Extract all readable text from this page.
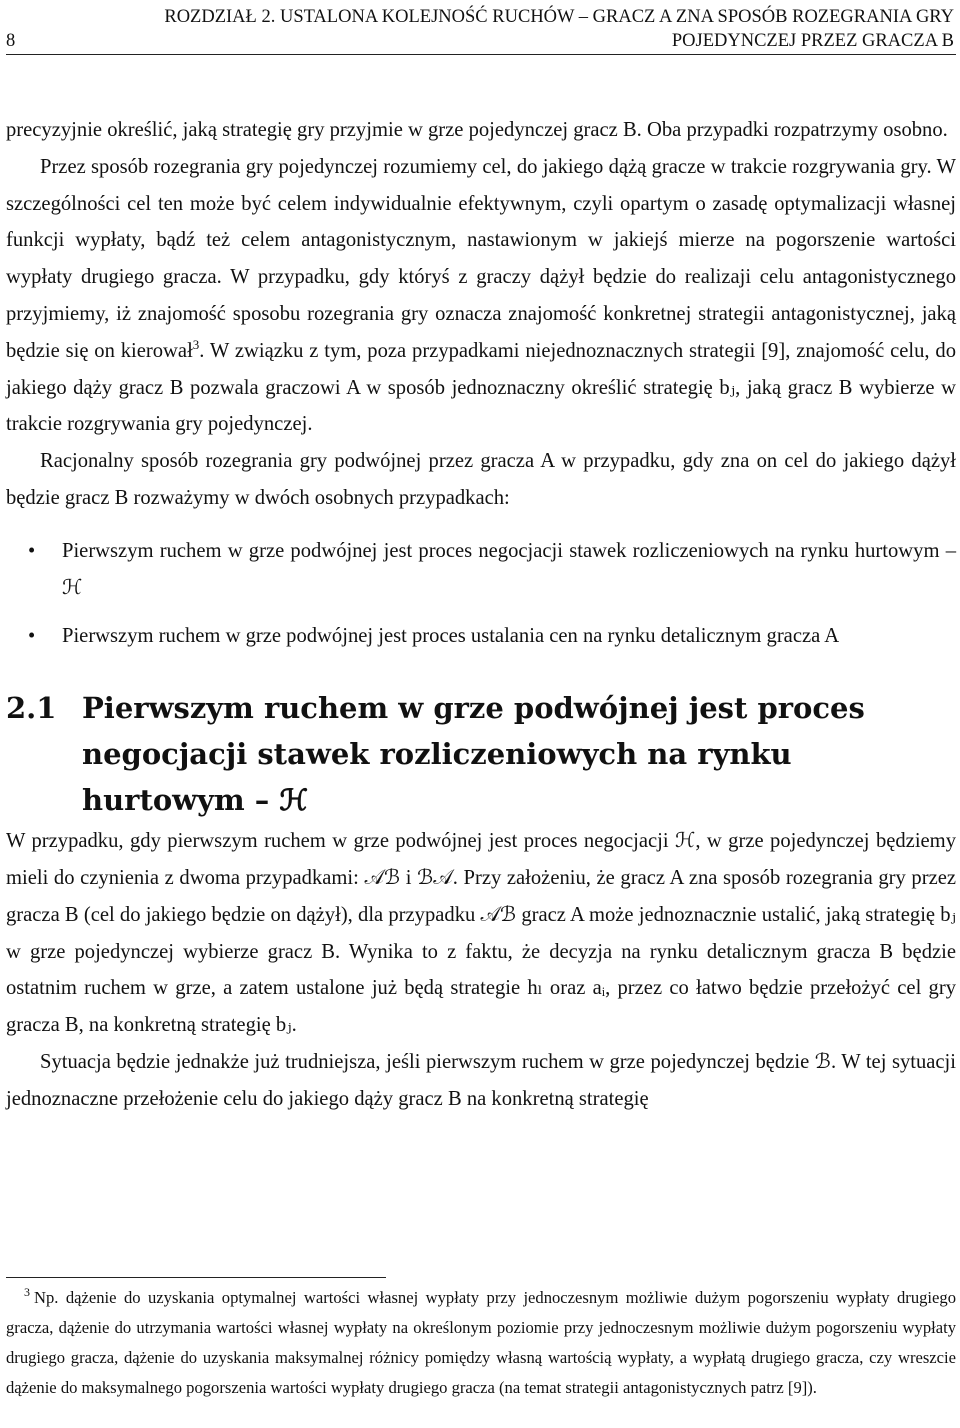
8
ROZDZIAŁ 2. USTALONA KOLEJNOŚĆ RUCHÓW – GRACZ A ZNA SPOSÓB ROZEGRANIA GRY
POJEDYNCZEJ PRZEZ GRACZA B

precyzyjnie określić, jaką strategię gry przyjmie w grze pojedynczej gracz B. Oba przypadki rozpatrzymy osobno.

Przez sposób rozegrania gry pojedynczej rozumiemy cel, do jakiego dążą gracze w trakcie rozgrywania gry. W szczególności cel ten może być celem indywidualnie efektywnym, czyli opartym o zasadę optymalizacji własnej funkcji wypłaty, bądź też celem antagonistycznym, nastawionym w jakiejś mierze na pogorszenie wartości wypłaty drugiego gracza. W przypadku, gdy któryś z graczy dążył będzie do realizaji celu antagonistycznego przyjmiemy, iż znajomość sposobu rozegrania gry oznacza znajomość konkretnej strategii antagonistycznej, jaką będzie się on kierował$^3$. W związku z tym, poza przypadkami niejednoznacznych strategii [9], znajomość celu, do jakiego dąży gracz B pozwala graczowi A w sposób jednoznaczny określić strategię bⱼ, jaką gracz B wybierze w trakcie rozgrywania gry pojedynczej.

Racjonalny sposób rozegrania gry podwójnej przez gracza A w przypadku, gdy zna on cel do jakiego dążył będzie gracz B rozważymy w dwóch osobnych przypadkach:

• Pierwszym ruchem w grze podwójnej jest proces negocjacji stawek rozliczeniowych na rynku hurtowym – ℋ
• Pierwszym ruchem w grze podwójnej jest proces ustalania cen na rynku detalicznym gracza A
2.1 Pierwszym ruchem w grze podwójnej jest proces negocjacji stawek rozliczeniowych na rynku hurtowym – ℋ

W przypadku, gdy pierwszym ruchem w grze podwójnej jest proces negocjacji ℋ, w grze pojedynczej będziemy mieli do czynienia z dwoma przypadkami: 𝒜ℬ i ℬ𝒜. Przy założeniu, że gracz A zna sposób rozegrania gry przez gracza B (cel do jakiego będzie on dążył), dla przypadku 𝒜ℬ gracz A może jednoznacznie ustalić, jaką strategię bⱼ w grze pojedynczej wybierze gracz B. Wynika to z faktu, że decyzja na rynku detalicznym gracza B będzie ostatnim ruchem w grze, a zatem ustalone już będą strategie hₗ oraz aᵢ, przez co łatwo będzie przełożyć cel gry gracza B, na konkretną strategię bⱼ.

Sytuacja będzie jednakże już trudniejsza, jeśli pierwszym ruchem w grze pojedynczej będzie ℬ. W tej sytuacji jednoznaczne przełożenie celu do jakiego dąży gracz B na konkretną strategię

$^3$ Np. dążenie do uzyskania optymalnej wartości własnej wypłaty przy jednoczesnym możliwie dużym pogorszeniu wypłaty drugiego gracza, dążenie do utrzymania wartości własnej wypłaty na określonym poziomie przy jednoczesnym możliwie dużym pogorszeniu wypłaty drugiego gracza, dążenie do uzyskania maksymalnej różnicy pomiędzy własną wartością wypłaty, a wypłatą drugiego gracza, czy wreszcie dążenie do maksymalnego pogorszenia wartości wypłaty drugiego gracza (na temat strategii antagonistycznych patrz [9]).
